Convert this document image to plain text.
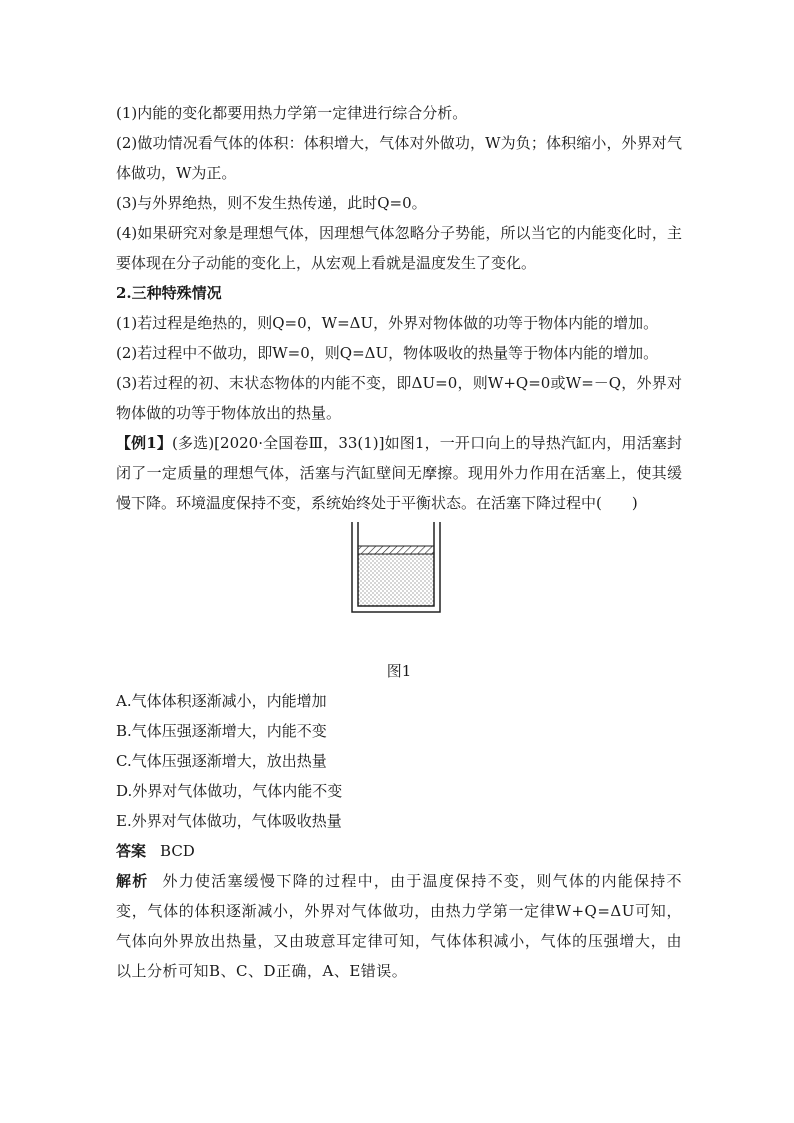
(1)内能的变化都要用热力学第一定律进行综合分析。

(2)做功情况看气体的体积：体积增大，气体对外做功，W为负；体积缩小，外界对气体做功，W为正。

(3)与外界绝热，则不发生热传递，此时Q=0。

(4)如果研究对象是理想气体，因理想气体忽略分子势能，所以当它的内能变化时，主要体现在分子动能的变化上，从宏观上看就是温度发生了变化。

2.三种特殊情况

(1)若过程是绝热的，则Q=0，W=ΔU，外界对物体做的功等于物体内能的增加。

(2)若过程中不做功，即W=0，则Q=ΔU，物体吸收的热量等于物体内能的增加。

(3)若过程的初、末状态物体的内能不变，即ΔU=0，则W+Q=0或W=－Q，外界对物体做的功等于物体放出的热量。

【例1】(多选)[2020·全国卷Ⅲ，33(1)]如图1，一开口向上的导热汽缸内，用活塞封闭了一定质量的理想气体，活塞与汽缸壁间无摩擦。现用外力作用在活塞上，使其缓慢下降。环境温度保持不变，系统始终处于平衡状态。在活塞下降过程中(　　)

图1

A.气体体积逐渐减小，内能增加

B.气体压强逐渐增大，内能不变

C.气体压强逐渐增大，放出热量

D.外界对气体做功，气体内能不变

E.外界对气体做功，气体吸收热量

答案 BCD

解析 外力使活塞缓慢下降的过程中，由于温度保持不变，则气体的内能保持不变，气体的体积逐渐减小，外界对气体做功，由热力学第一定律W+Q=ΔU可知，气体向外界放出热量，又由玻意耳定律可知，气体体积减小，气体的压强增大，由以上分析可知B、C、D正确，A、E错误。
